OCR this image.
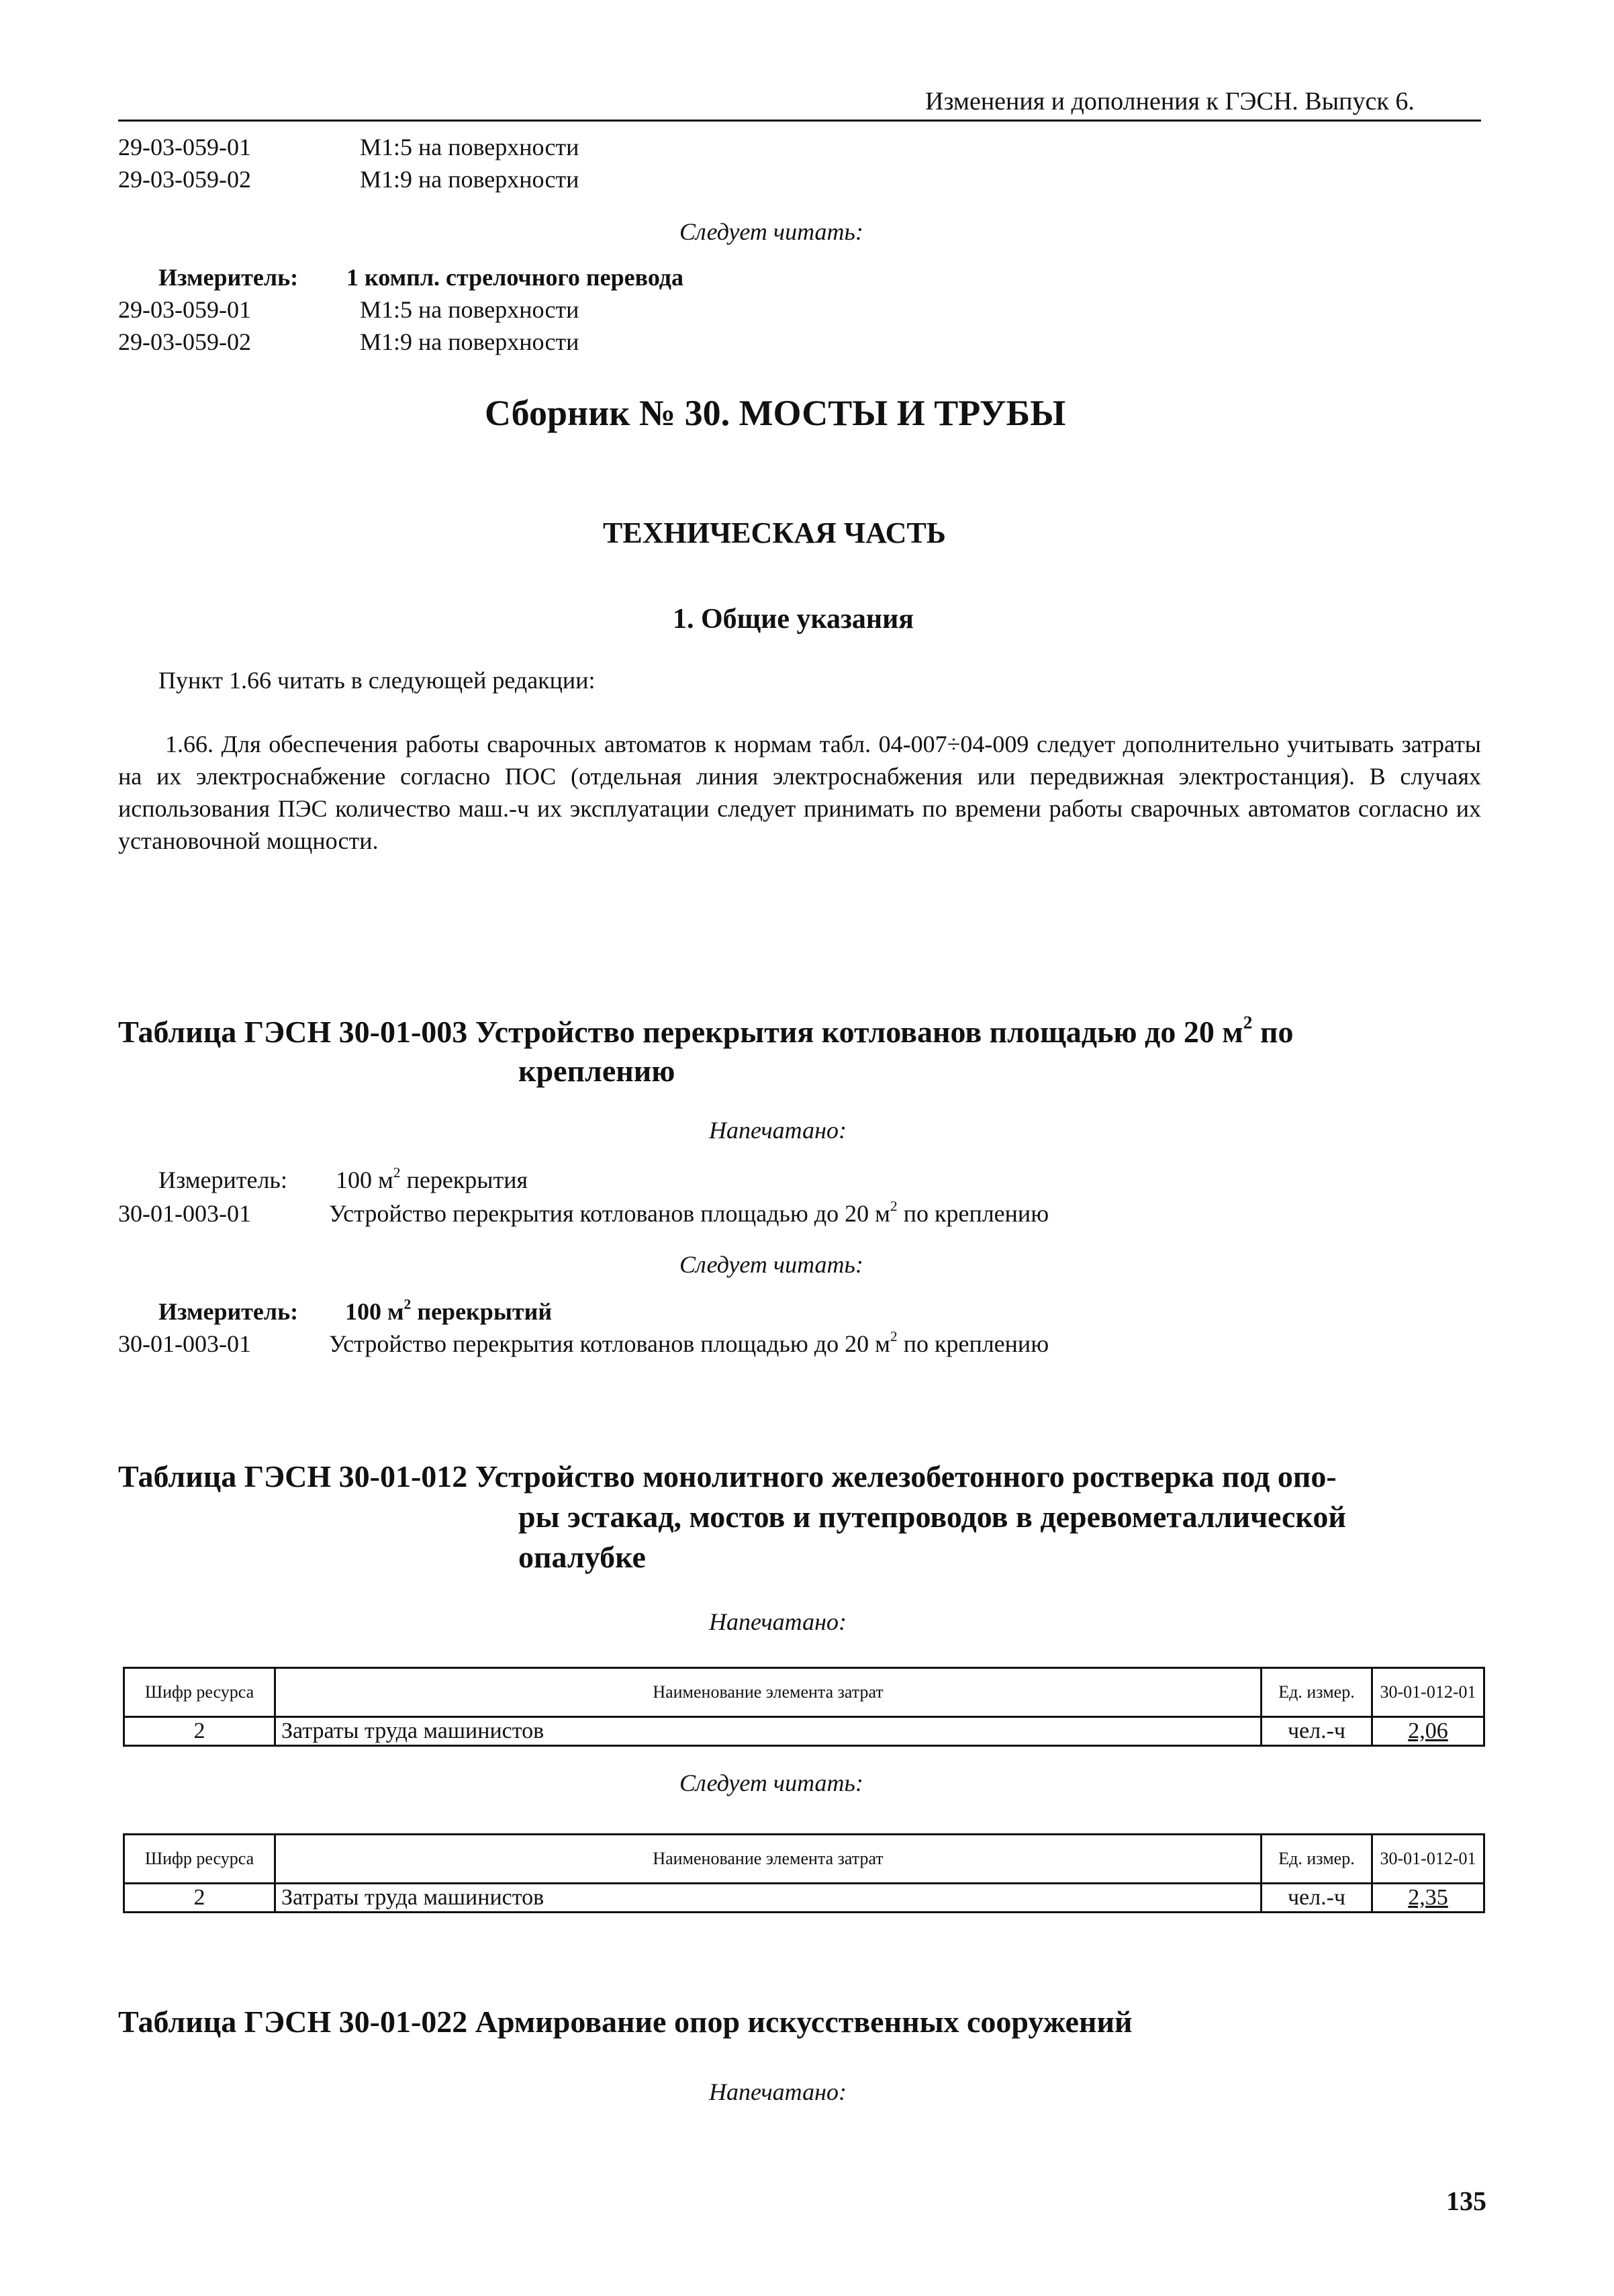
Изменения и дополнения к ГЭСН. Выпуск 6.
29-03-059-01	М1:5 на поверхности
29-03-059-02	М1:9 на поверхности
Следует читать:
Измеритель: 1 компл. стрелочного перевода
29-03-059-01	М1:5 на поверхности
29-03-059-02	М1:9 на поверхности
Сборник № 30. МОСТЫ И ТРУБЫ
ТЕХНИЧЕСКАЯ ЧАСТЬ
1. Общие указания
Пункт 1.66 читать в следующей редакции:

1.66. Для обеспечения работы сварочных автоматов к нормам табл. 04-007÷04-009 следует дополнительно учитывать затраты на их электроснабжение согласно ПОС (отдельная линия электроснабжения или передвижная электростанция). В случаях использования ПЭС количество маш.-ч их эксплуатации следует принимать по времени работы сварочных автоматов согласно их установочной мощности.

Таблица ГЭСН 30-01-003 Устройство перекрытия котлованов площадью до 20 $м^2$ по
креплению
Напечатано:
Измеритель: 100 $м^2$ перекрытия
30-01-003-01	Устройство перекрытия котлованов площадью до 20 $м^2$ по креплению
Следует читать:
Измеритель: 100 $м^2$ перекрытий
30-01-003-01	Устройство перекрытия котлованов площадью до 20 $м^2$ по креплению
Таблица ГЭСН 30-01-012 Устройство монолитного железобетонного ростверка под опо-
ры эстакад, мостов и путепроводов в деревометаллической
опалубке
Напечатано:
Шифр ресурса	Наименование элемента затрат	Ед. измер.	30-01-012-01
2	Затраты труда машинистов	чел.-ч	2,06
Следует читать:
Шифр ресурса	Наименование элемента затрат	Ед. измер.	30-01-012-01
2	Затраты труда машинистов	чел.-ч	2,35
Таблица ГЭСН 30-01-022 Армирование опор искусственных сооружений
Напечатано:
135
